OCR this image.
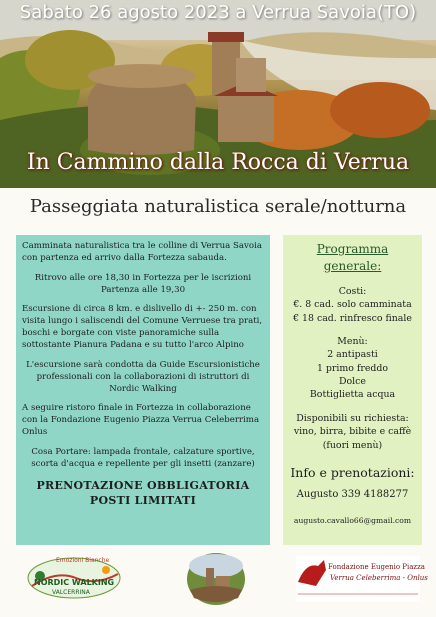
Sabato 26 agosto 2023 a Verrua Savoia(TO)
In Cammino dalla Rocca di Verrua
Passeggiata naturalistica serale/notturna

Camminata naturalistica tra le colline di Verrua Savoia con partenza ed arrivo dalla Fortezza sabauda.

Ritrovo alle ore 18,30 in Fortezza per le iscrizioni
Partenza alle 19,30

Escursione di circa 8 km. e dislivello di +- 250 m. con visita lungo i saliscendi del Comune Verruese tra prati, boschi e borgate con viste panoramiche sulla sottostante Pianura Padana e su tutto l'arco Alpino

L'escursione sarà condotta da Guide Escursionistiche professionali con la collaborazioni di istruttori di Nordic Walking

A seguire ristoro finale in Fortezza in collaborazione con la Fondazione Eugenio Piazza Verrua Celeberrima Onlus

Cosa Portare: lampada frontale, calzature sportive, scorta d'acqua e repellente per gli insetti (zanzare)

PRENOTAZIONE OBBLIGATORIA
POSTI LIMITATI

Programma generale:
Costi:
€. 8 cad. solo camminata
€ 18 cad. rinfresco finale
Menù:
2 antipasti
1 primo freddo
Dolce
Bottiglietta acqua
Disponibili su richiesta:
vino, birra, bibite e caffè
(fuori menù)
Info e prenotazioni:
Augusto 339 4188277
augusto.cavallo66@gmail.com
Emozioni Bianche
NORDIC WALKING
VALCERRINA
Fondazione Eugenio Piazza
Verrua Celeberrima - Onlus
